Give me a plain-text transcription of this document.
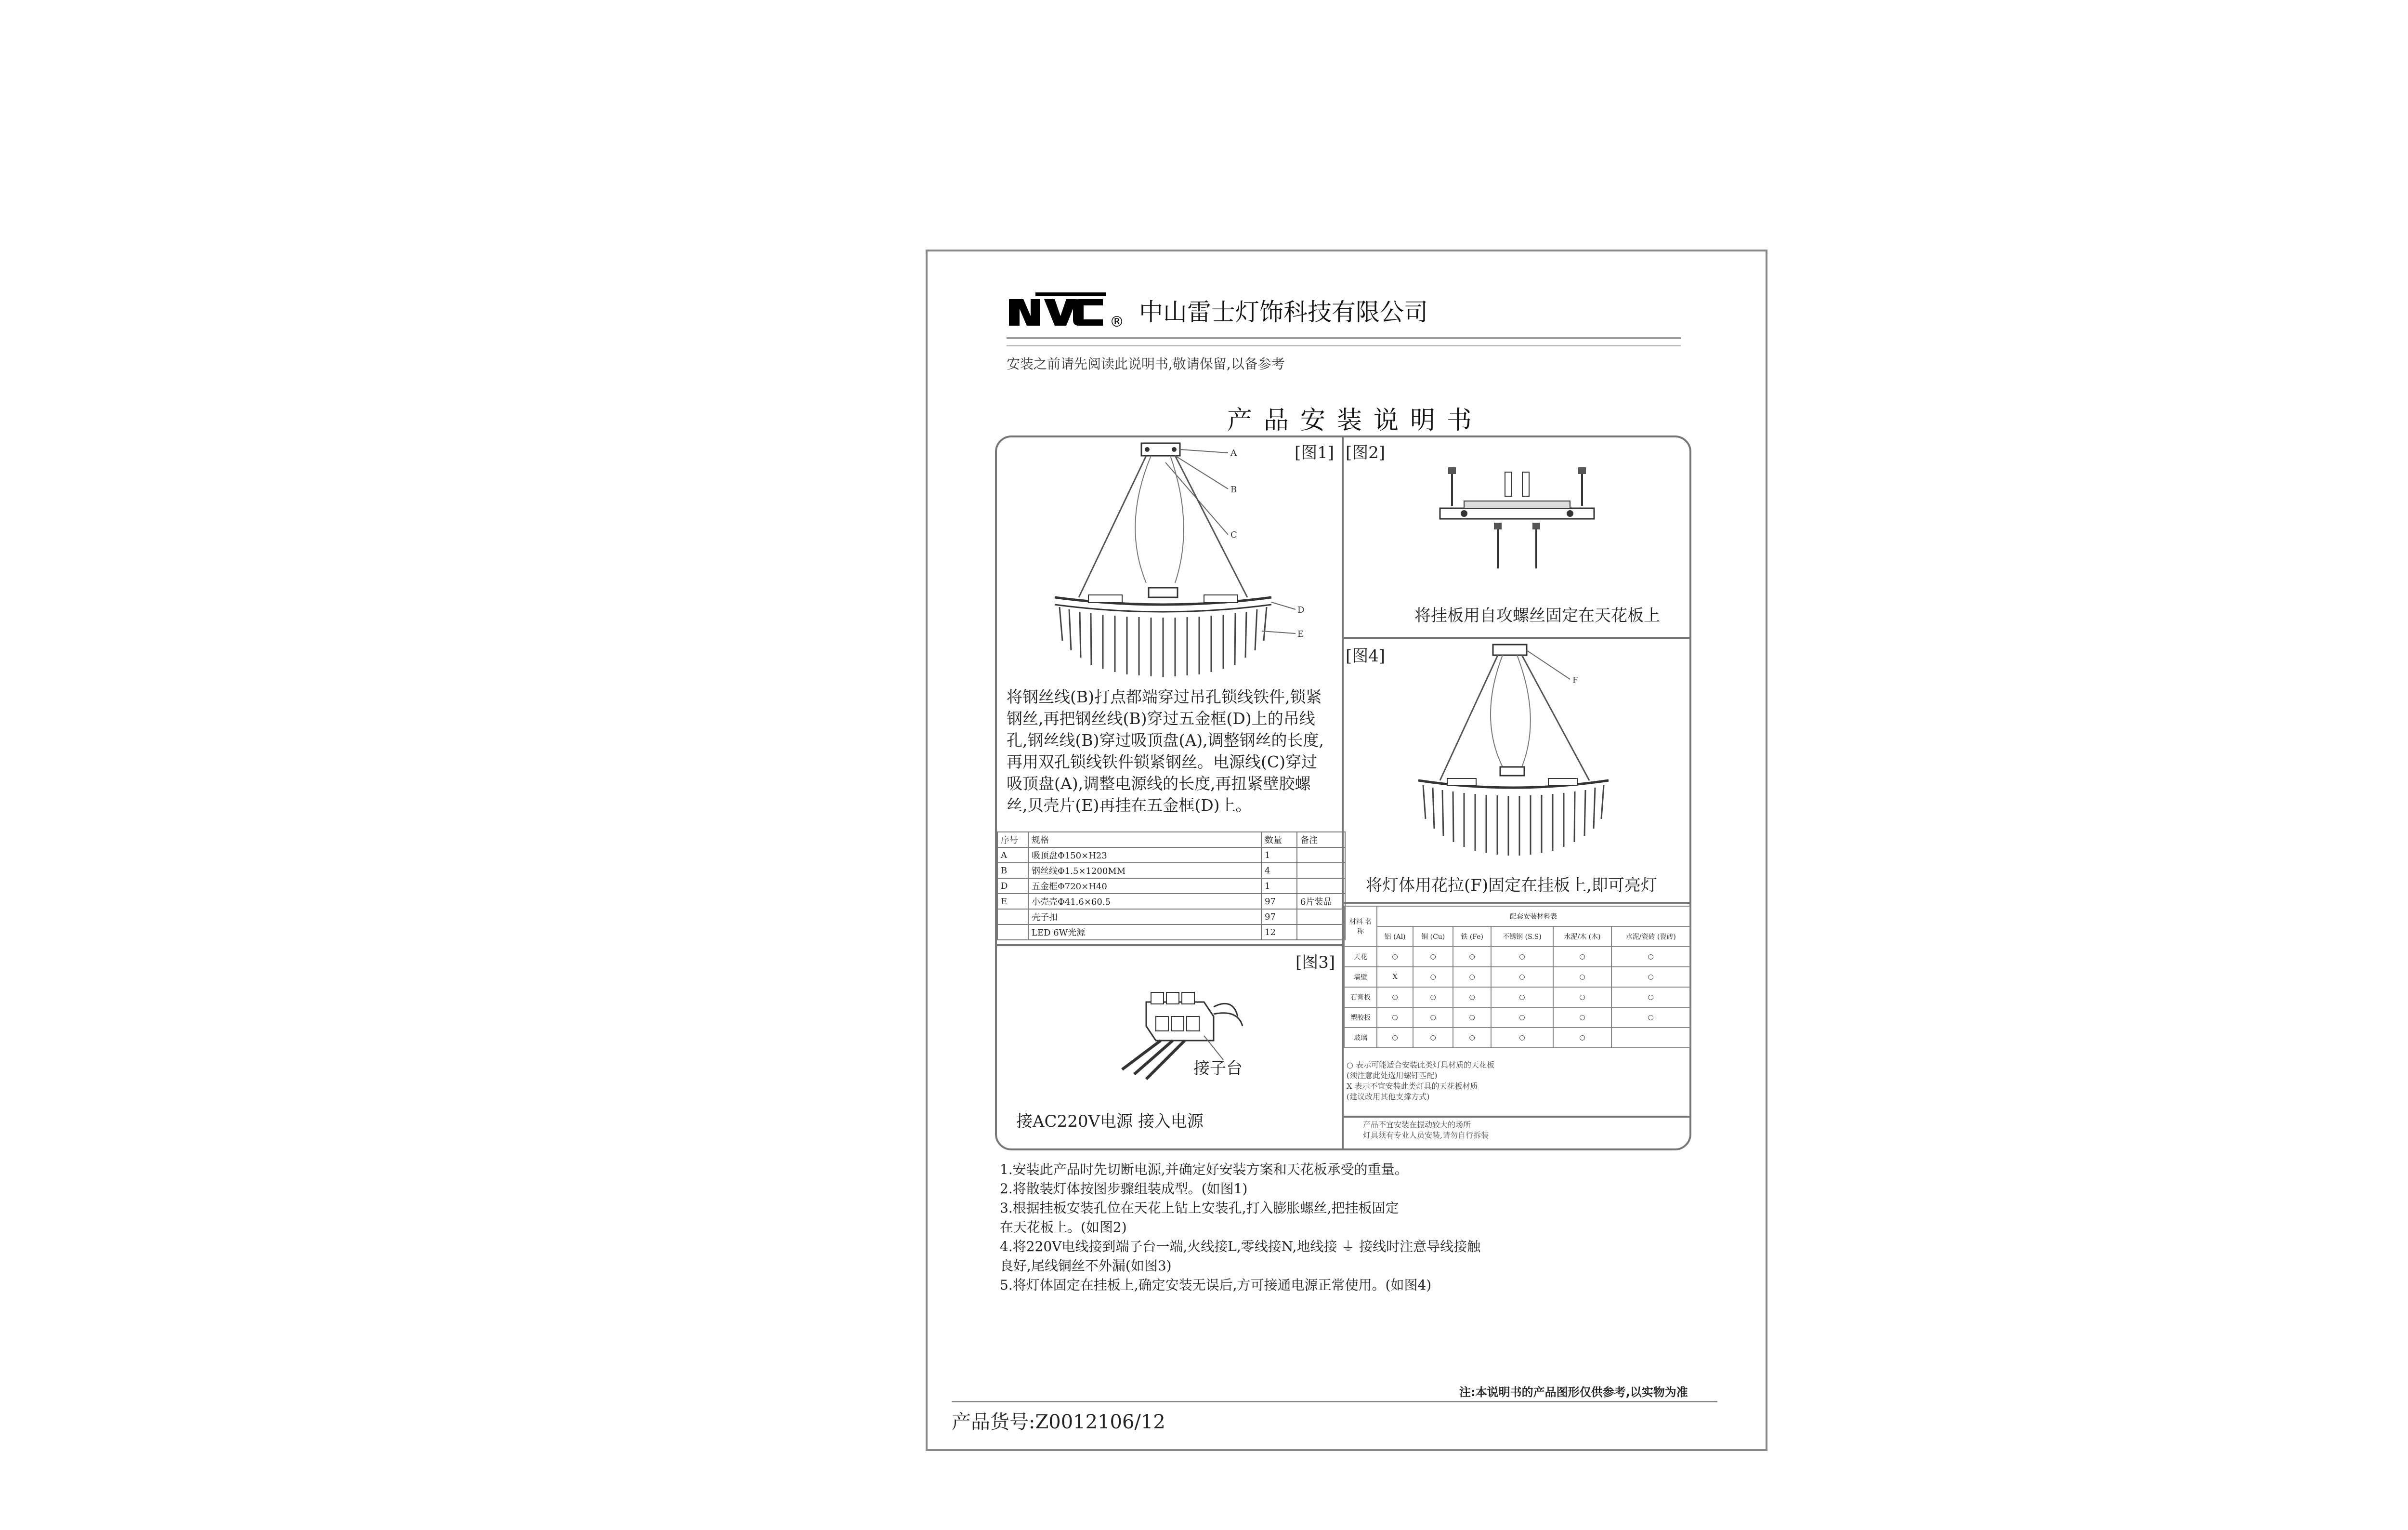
® 中山雷士灯饰科技有限公司
安装之前请先阅读此说明书,敬请保留,以备参考
产品安装说明书
[图1]
A
B
C
D
E
将钢丝线(B)打点都端穿过吊孔锁线铁件,锁紧钢丝,再把钢丝线(B)穿过五金框(D)上的吊线孔,钢丝线(B)穿过吸顶盘(A),调整钢丝的长度,再用双孔锁线铁件锁紧钢丝。电源线(C)穿过吸顶盘(A),调整电源线的长度,再扭紧壁胶螺丝,贝壳片(E)再挂在五金框(D)上。
序号	规格	数量	备注
A	吸顶盘Φ150×H23	1	
B	钢丝线Φ1.5×1200MM	4	
D	五金框Φ720×H40	1	
E	小壳壳Φ41.6×60.5	97	6片装品
	壳子扣	97	
	LED 6W光源	12	
[图2]
将挂板用自攻螺丝固定在天花板上
[图4]
F
将灯体用花拉(F)固定在挂板上,即可亮灯
[图3]
接子台
接AC220V电源 接入电源
材料 名称	配套安装材料表					
	铝 (Al)	铜 (Cu)	铁 (Fe)	不锈钢 (S.S)	水泥/木 (木)	水泥/瓷砖 (瓷砖)
天花	○	○	○	○	○	○
墙壁	X	○	○	○	○	○
石膏板	○	○	○	○	○	○
塑胶板	○	○	○	○	○	○
玻璃	○	○	○	○	○	
○ 表示可能适合安装此类灯具材质的天花板
(须注意此处选用螺钉匹配)
X 表示不宜安装此类灯具的天花板材质
(建议改用其他支撑方式)
产品不宜安装在振动较大的场所
灯具须有专业人员安装,请勿自行拆装
1.安装此产品时先切断电源,并确定好安装方案和天花板承受的重量。
2.将散装灯体按图步骤组装成型。(如图1)
3.根据挂板安装孔位在天花上钻上安装孔,打入膨胀螺丝,把挂板固定
在天花板上。(如图2)
4.将220V电线接到端子台一端,火线接L,零线接N,地线接 ⏚ 接线时注意导线接触
良好,尾线铜丝不外漏(如图3)
5.将灯体固定在挂板上,确定安装无误后,方可接通电源正常使用。(如图4)
注:本说明书的产品图形仅供参考,以实物为准
产品货号:Z0012106/12
